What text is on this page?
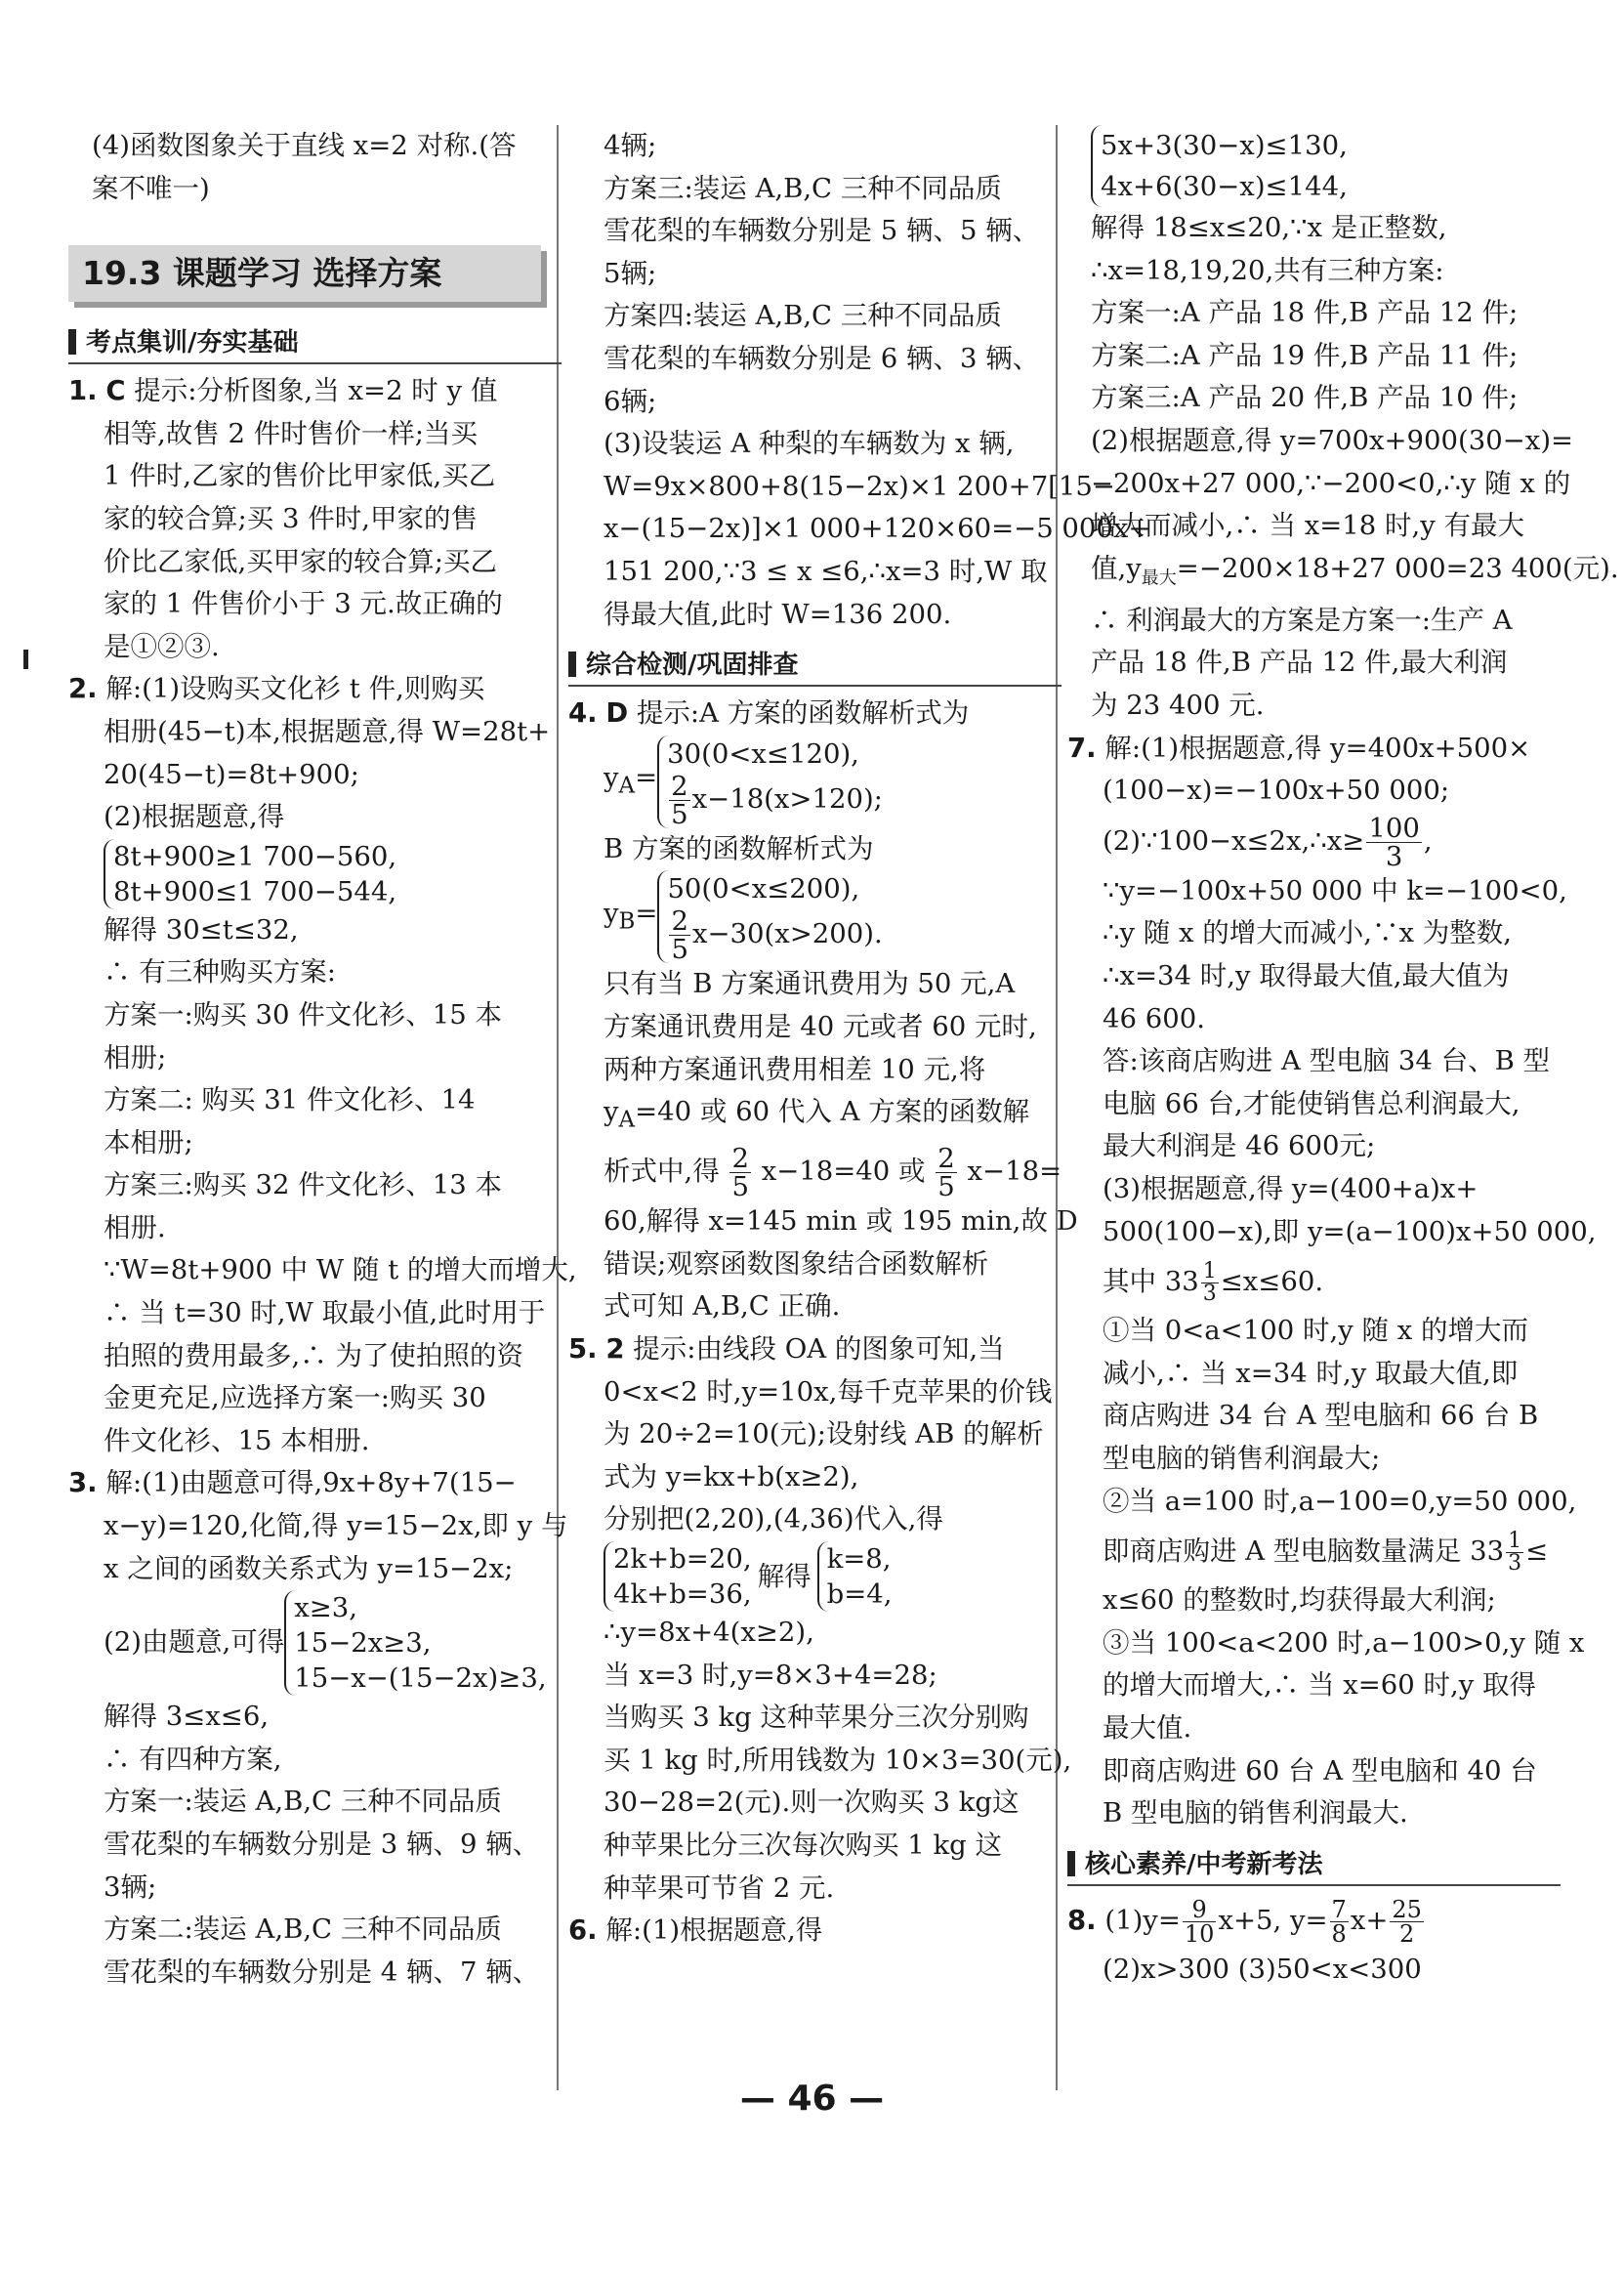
(4)函数图象关于直线 x=2 对称.(答
案不唯一)
19.3 课题学习 选择方案
考点集训/夯实基础
1. C 提示:分析图象,当 x=2 时 y 值
相等,故售 2 件时售价一样;当买
1 件时,乙家的售价比甲家低,买乙
家的较合算;买 3 件时,甲家的售
价比乙家低,买甲家的较合算;买乙
家的 1 件售价小于 3 元.故正确的
是①②③.
2. 解:(1)设购买文化衫 t 件,则购买
相册(45−t)本,根据题意,得 W=28t+
20(45−t)=8t+900;
(2)根据题意,得
8t+900≥1 700−560,
8t+900≤1 700−544,
解得 30≤t≤32,
∴ 有三种购买方案:
方案一:购买 30 件文化衫、15 本
相册;
方案二: 购买 31 件文化衫、14
本相册;
方案三:购买 32 件文化衫、13 本
相册.
∵W=8t+900 中 W 随 t 的增大而增大,
∴ 当 t=30 时,W 取最小值,此时用于
拍照的费用最多,∴ 为了使拍照的资
金更充足,应选择方案一:购买 30
件文化衫、15 本相册.
3. 解:(1)由题意可得,9x+8y+7(15−
x−y)=120,化简,得 y=15−2x,即 y 与
x 之间的函数关系式为 y=15−2x;
(2)由题意,可得
x≥3,
15−2x≥3,
15−x−(15−2x)≥3,
解得 3≤x≤6,
∴ 有四种方案,
方案一:装运 A,B,C 三种不同品质
雪花梨的车辆数分别是 3 辆、9 辆、
3辆;
方案二:装运 A,B,C 三种不同品质
雪花梨的车辆数分别是 4 辆、7 辆、
4辆;
方案三:装运 A,B,C 三种不同品质
雪花梨的车辆数分别是 5 辆、5 辆、
5辆;
方案四:装运 A,B,C 三种不同品质
雪花梨的车辆数分别是 6 辆、3 辆、
6辆;
(3)设装运 A 种梨的车辆数为 x 辆,
W=9x×800+8(15−2x)×1 200+7[15−
x−(15−2x)]×1 000+120×60=−5 000x+
151 200,∵3 ≤ x ≤6,∴x=3 时,W 取
得最大值,此时 W=136 200.
综合检测/巩固排查
4. D 提示:A 方案的函数解析式为
$y_A=$
30(0<x≤120),
$\frac{2}{5} x-18(x>120)$;
B 方案的函数解析式为
$y_B=$
50(0<x≤200),
$\frac{2}{5} x-30(x>200)$.
只有当 B 方案通讯费用为 50 元,A
方案通讯费用是 40 元或者 60 元时,
两种方案通讯费用相差 10 元,将
$y_A=40$ 或 60 代入 A 方案的函数解
析式中,得 $\frac{2}{5} x-18=40$ 或 $\frac{2}{5} x-18=$
60,解得 x=145 min 或 195 min,故 D
错误;观察函数图象结合函数解析
式可知 A,B,C 正确.
5. 2 提示:由线段 OA 的图象可知,当
0<x<2 时,y=10x,每千克苹果的价钱
为 20÷2=10(元);设射线 AB 的解析
式为 y=kx+b(x≥2),
分别把(2,20),(4,36)代入,得
2k+b=20,
4k+b=36,
解得
k=8,
b=4,
∴y=8x+4(x≥2),
当 x=3 时,y=8×3+4=28;
当购买 3 kg 这种苹果分三次分别购
买 1 kg 时,所用钱数为 10×3=30(元),
30−28=2(元).则一次购买 3 kg这
种苹果比分三次每次购买 1 kg 这
种苹果可节省 2 元.
6. 解:(1)根据题意,得
5x+3(30−x)≤130,
4x+6(30−x)≤144,
解得 18≤x≤20,∵x 是正整数,
∴x=18,19,20,共有三种方案:
方案一:A 产品 18 件,B 产品 12 件;
方案二:A 产品 19 件,B 产品 11 件;
方案三:A 产品 20 件,B 产品 10 件;
(2)根据题意,得 y=700x+900(30−x)=
−200x+27 000,∵−200<0,∴y 随 x 的
增大而减小,∴ 当 x=18 时,y 有最大
值$,y_{最大}=-200\times 18+27$ 000=23 400(元).
∴ 利润最大的方案是方案一:生产 A
产品 18 件,B 产品 12 件,最大利润
为 23 400 元.
7. 解:(1)根据题意,得 y=400x+500×
(100−x)=−100x+50 000;
(2)∵100−x≤2x,∴x≥ $\frac{100}{3}$ ,
∵y=−100x+50 000 中 k=−100<0,
∴y 随 x 的增大而减小,∵x 为整数,
∴x=34 时,y 取得最大值,最大值为
46 600.
答:该商店购进 A 型电脑 34 台、B 型
电脑 66 台,才能使销售总利润最大,
最大利润是 46 600元;
(3)根据题意,得 y=(400+a)x+
500(100−x),即 y=(a−100)x+50 000,
其中 $33 \frac{1}{3} \le x\le 60$.
①当 0<a<100 时,y 随 x 的增大而
减小,∴ 当 x=34 时,y 取最大值,即
商店购进 34 台 A 型电脑和 66 台 B
型电脑的销售利润最大;
②当 a=100 时,a−100=0,y=50 000,
即商店购进 A 型电脑数量满足 $33 \frac{1}{3}$ ≤
x≤60 的整数时,均获得最大利润;
③当 100<a<200 时,a−100>0,y 随 x
的增大而增大,∴ 当 x=60 时,y 取得
最大值.
即商店购进 60 台 A 型电脑和 40 台
B 型电脑的销售利润最大.
核心素养/中考新考法
8. $(1)y= \frac{9}{10} x+5$, $y= \frac{7}{8} x+ \frac{25}{2}$
(2)x>300 (3)50<x<300
— 46 —
